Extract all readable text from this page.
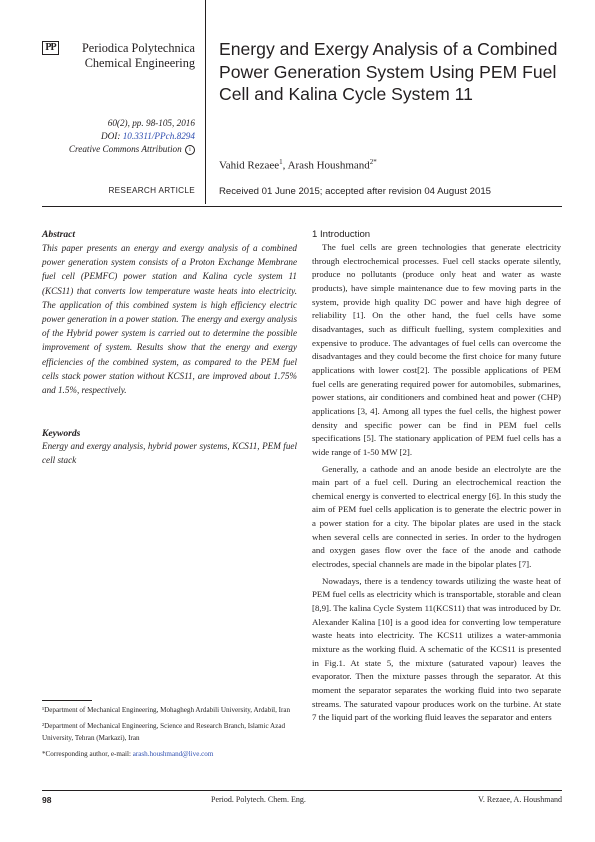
PP	Periodica Polytechnica
Chemical Engineering
60(2), pp. 98-105, 2016
DOI: 10.3311/PPch.8294
Creative Commons Attribution i
RESEARCH ARTICLE
Energy and Exergy Analysis of a Combined Power Generation System Using PEM Fuel Cell and Kalina Cycle System 11
Vahid Rezaee$^1$, Arash Houshmand$^{2*}$
Received 01 June 2015; accepted after revision 04 August 2015
Abstract
This paper presents an energy and exergy analysis of a combined power generation system consists of a Proton Exchange Membrane fuel cell (PEMFC) power station and Kalina cycle system 11 (KCS11) that converts low temperature waste heats into electricity. The application of this combined system is high efficiency electric power generation in a power station. The energy and exergy analysis of the Hybrid power system is carried out to determine the possible improvement of system. Results show that the energy and exergy efficiencies of the combined system, as compared to the PEM fuel cells stack power station without KCS11, are improved about 1.75% and 1.5%, respectively.
Keywords
Energy and exergy analysis, hybrid power systems, KCS11, PEM fuel cell stack

¹Department of Mechanical Engineering, Mohaghegh Ardabili University, Ardabil, Iran

²Department of Mechanical Engineering, Science and Research Branch, Islamic Azad University, Tehran (Markazi), Iran

*Corresponding author, e-mail: arash.houshmand@live.com

1 Introduction

The fuel cells are green technologies that generate electricity through electrochemical processes. Fuel cell stacks operate silently, produce no pollutants (produce only heat and water as waste products), have simple maintenance due to few moving parts in the system, provide high quality DC power and have high degree of reliability [1]. On the other hand, the fuel cells have some disadvantages, such as difficult fuelling, system complexities and expensive to produce. The advantages of fuel cells can overcome the disadvantages and they could become the first choice for many future applications with lower cost[2]. The possible applications of PEM fuel cells are generating required power for automobiles, submarines, power stations, air conditioners and combined heat and power (CHP) applications [3, 4]. Among all types the fuel cells, the highest power density and specific power can be find in PEM fuel cells specifications [5]. The stationary application of PEM fuel cells has a wide range of 1-50 MW [2].

Generally, a cathode and an anode beside an electrolyte are the main part of a fuel cell. During an electrochemical reaction the chemical energy is converted to electrical energy [6]. In this study the aim of PEM fuel cells application is to generate the electric power in a power station for a city. The bipolar plates are used in the stack when several cells are connected in series. In order to the hydrogen and oxygen gases flow over the face of the anode and cathode electrodes, special channels are made in the bipolar plates [7].

Nowadays, there is a tendency towards utilizing the waste heat of PEM fuel cells as electricity which is transportable, storable and clean [8,9]. The kalina Cycle System 11(KCS11) that was introduced by Dr. Alexander Kalina [10] is a good idea for converting low temperature waste heats into electricity. The KCS11 utilizes a water-ammonia mixture as the working fluid. A schematic of the KCS11 is presented in Fig.1. At state 5, the mixture (saturated vapour) leaves the evaporator. Then the mixture passes through the separator. At this moment the separator separates the working fluid into two separate streams. The saturated vapour produces work on the turbine. At state 7 the liquid part of the working fluid leaves the separator and enters

98	Period. Polytech. Chem. Eng.	V. Rezaee, A. Houshmand
